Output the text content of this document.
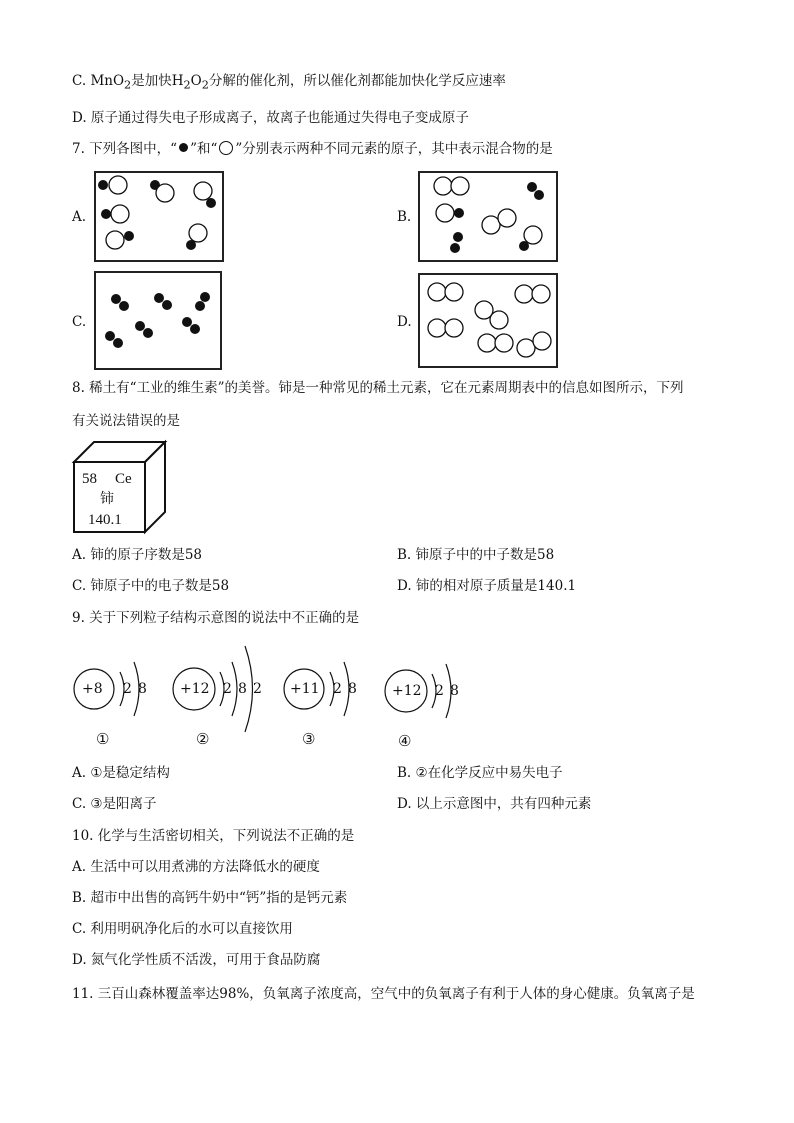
C. MnO$_2$是加快$H_2O_2$分解的催化剂，所以催化剂都能加快化学反应速率
D. 原子通过得失电子形成离子，故离子也能通过失得电子变成原子
7. 下列各图中，“ ”和“ ”分别表示两种不同元素的原子，其中表示混合物的是
A.	B.
C.	D.
8. 稀土有“工业的维生素”的美誉。铈是一种常见的稀土元素，它在元素周期表中的信息如图所示，下列
有关说法错误的是
58 Ce
铈
140.1
A. 铈的原子序数是58	B. 铈原子中的中子数是58
C. 铈原子中的电子数是58	D. 铈的相对原子质量是140.1
9. 关于下列粒子结构示意图的说法中不正确的是
+8 2 8
①
+12 2 8 2
②
+11 2 8
③
+12 2 8
④
A. ①是稳定结构	B. ②在化学反应中易失电子
C. ③是阳离子	D. 以上示意图中，共有四种元素
10. 化学与生活密切相关，下列说法不正确的是
A. 生活中可以用煮沸的方法降低水的硬度
B. 超市中出售的高钙牛奶中“钙”指的是钙元素
C. 利用明矾净化后的水可以直接饮用
D. 氮气化学性质不活泼，可用于食品防腐
11. 三百山森林覆盖率达98%，负氧离子浓度高，空气中的负氧离子有利于人体的身心健康。负氧离子是
